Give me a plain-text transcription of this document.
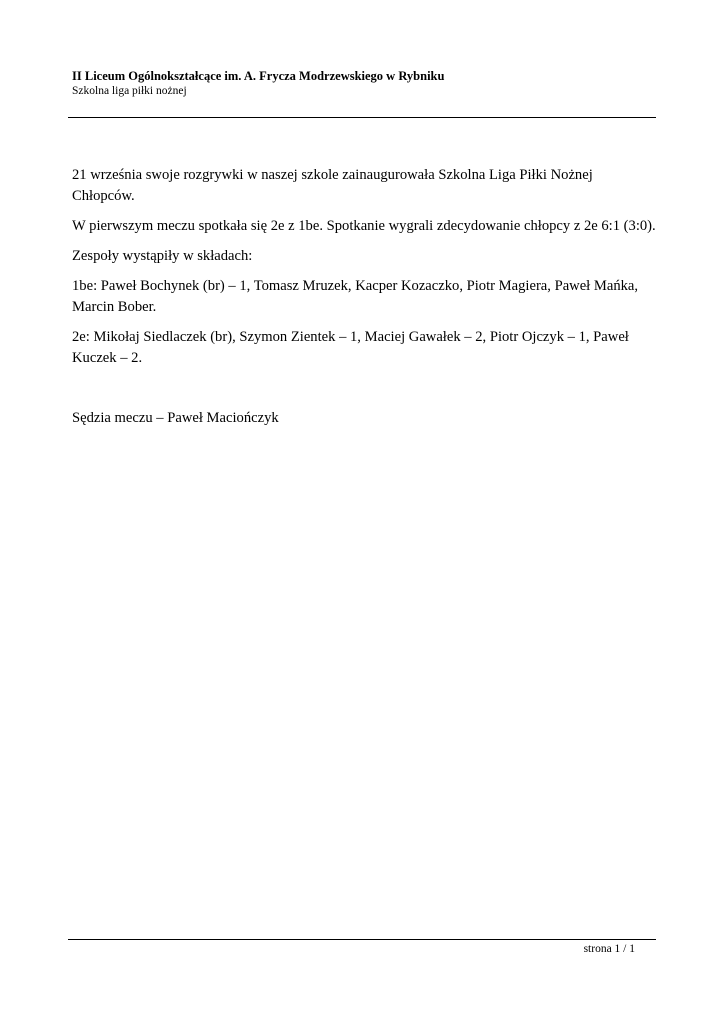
II Liceum Ogólnokształcące im. A. Frycza Modrzewskiego w Rybniku
Szkolna liga piłki nożnej

21 września swoje rozgrywki w naszej szkole zainaugurowała Szkolna Liga Piłki Nożnej Chłopców.

W pierwszym meczu spotkała się 2e z 1be. Spotkanie wygrali zdecydowanie chłopcy z 2e 6:1 (3:0).

Zespoły wystąpiły w składach:

1be: Paweł Bochynek (br) – 1, Tomasz Mruzek, Kacper Kozaczko, Piotr Magiera, Paweł Mańka, Marcin Bober.

2e: Mikołaj Siedlaczek (br), Szymon Zientek – 1, Maciej Gawałek – 2, Piotr Ojczyk – 1, Paweł Kuczek – 2.

Sędzia meczu – Paweł Maciończyk

strona 1 / 1
